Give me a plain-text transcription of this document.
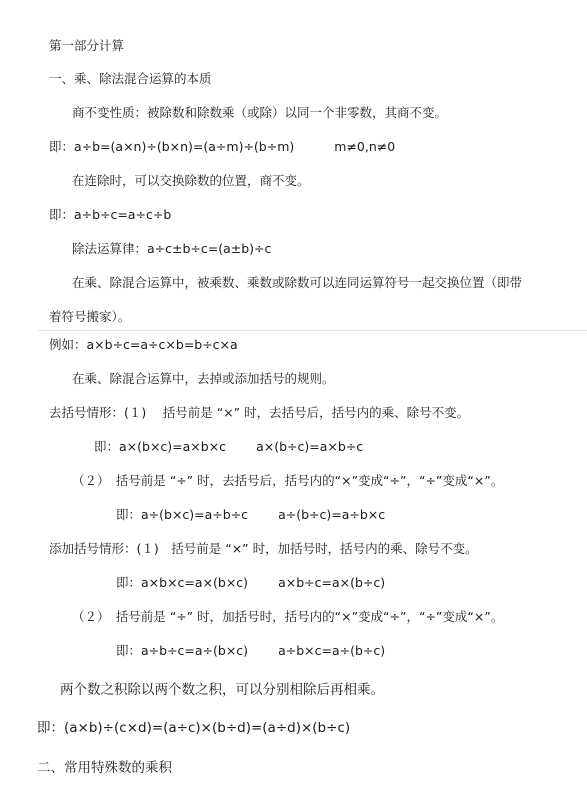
第一部分计算
一、乘、除法混合运算的本质
商不变性质：被除数和除数乘（或除）以同一个非零数，其商不变。
即：a÷b=(a×n)÷(b×n)=(a÷m)÷(b÷m)	m≠0,n≠0
在连除时，可以交换除数的位置，商不变。
即：a÷b÷c=a÷c÷b
除法运算律：a÷c±b÷c=(a±b)÷c
在乘、除混合运算中，被乘数、乘数或除数可以连同运算符号一起交换位置（即带
着符号搬家）。
例如：a×b÷c=a÷c×b=b÷c×a
在乘、除混合运算中，去掉或添加括号的规则。
去括号情形：(１)　 括号前是 “×” 时，去括号后，括号内的乘、除号不变。
即：a×(b×c)=a×b×c a×(b÷c)=a×b÷c
（２）　括号前是 “÷” 时，去括号后，括号内的“×”变成“÷”，“÷”变成“×”。
即：a÷(b×c)=a÷b÷c a÷(b÷c)=a÷b×c
添加括号情形：(１)　括号前是 “×” 时，加括号时，括号内的乘、除号不变。
即：a×b×c=a×(b×c) a×b÷c=a×(b÷c)
（２）　括号前是 “÷” 时，加括号时，括号内的“×”变成“÷”，“÷”变成“×”。
即：a÷b÷c=a÷(b×c) a÷b×c=a÷(b÷c)
两个数之积除以两个数之积，可以分别相除后再相乘。
即：(a×b)÷(c×d)=(a÷c)×(b÷d)=(a÷d)×(b÷c)
二、常用特殊数的乘积
